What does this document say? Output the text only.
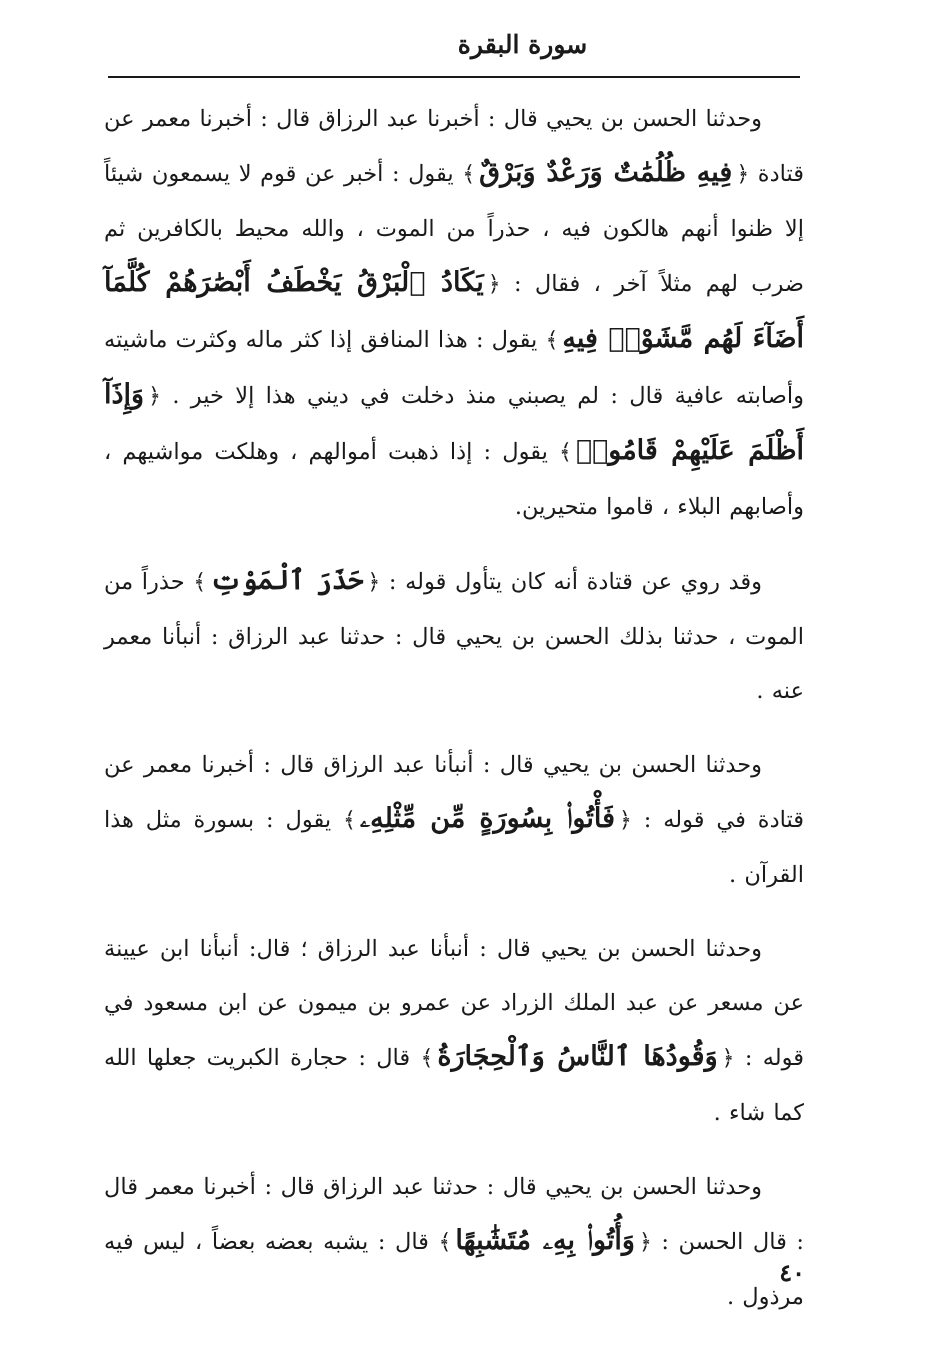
سورة البقرة

وحدثنا الحسن بن يحيي قال : أخبرنا عبد الرزاق قال : أخبرنا معمر عن قتادة ﴿فِيهِ ظُلُمَٰتٌ وَرَعْدٌ وَبَرْقٌ﴾ يقول : أخبر عن قوم لا يسمعون شيئاً إلا ظنوا أنهم هالكون فيه ، حذراً من الموت ، والله محيط بالكافرين ثم ضرب لهم مثلاً آخر ، فقال : ﴿يَكَادُ ٱلْبَرْقُ يَخْطَفُ أَبْصَٰرَهُمْ كُلَّمَآ أَضَآءَ لَهُم مَّشَوْا۟ فِيهِ﴾ يقول : هذا المنافق إذا كثر ماله وكثرت ماشيته وأصابته عافية قال : لم يصبني منذ دخلت في ديني هذا إلا خير . ﴿وَإِذَآ أَظْلَمَ عَلَيْهِمْ قَامُوا۟﴾ يقول : إذا ذهبت أموالهم ، وهلكت مواشيهم ، وأصابهم البلاء ، قاموا متحيرين.

وقد روي عن قتادة أنه كان يتأول قوله : ﴿حَذَرَ ٱلْمَوْتِ﴾ حذراً من الموت ، حدثنا بذلك الحسن بن يحيي قال : حدثنا عبد الرزاق : أنبأنا معمر عنه .

وحدثنا الحسن بن يحيي قال : أنبأنا عبد الرزاق قال : أخبرنا معمر عن قتادة في قوله : ﴿فَأْتُوا۟ بِسُورَةٍ مِّن مِّثْلِهِۦ﴾ يقول : بسورة مثل هذا القرآن .

وحدثنا الحسن بن يحيي قال : أنبأنا عبد الرزاق ؛ قال: أنبأنا ابن عيينة عن مسعر عن عبد الملك الزراد عن عمرو بن ميمون عن ابن مسعود في قوله : ﴿وَقُودُهَا ٱلنَّاسُ وَٱلْحِجَارَةُ﴾ قال : حجارة الكبريت جعلها الله كما شاء .

وحدثنا الحسن بن يحيي قال : حدثنا عبد الرزاق قال : أخبرنا معمر قال : قال الحسن : ﴿وَأُتُوا۟ بِهِۦ مُتَشَٰبِهًا﴾ قال : يشبه بعضه بعضاً ، ليس فيه مرذول .

٤٠
